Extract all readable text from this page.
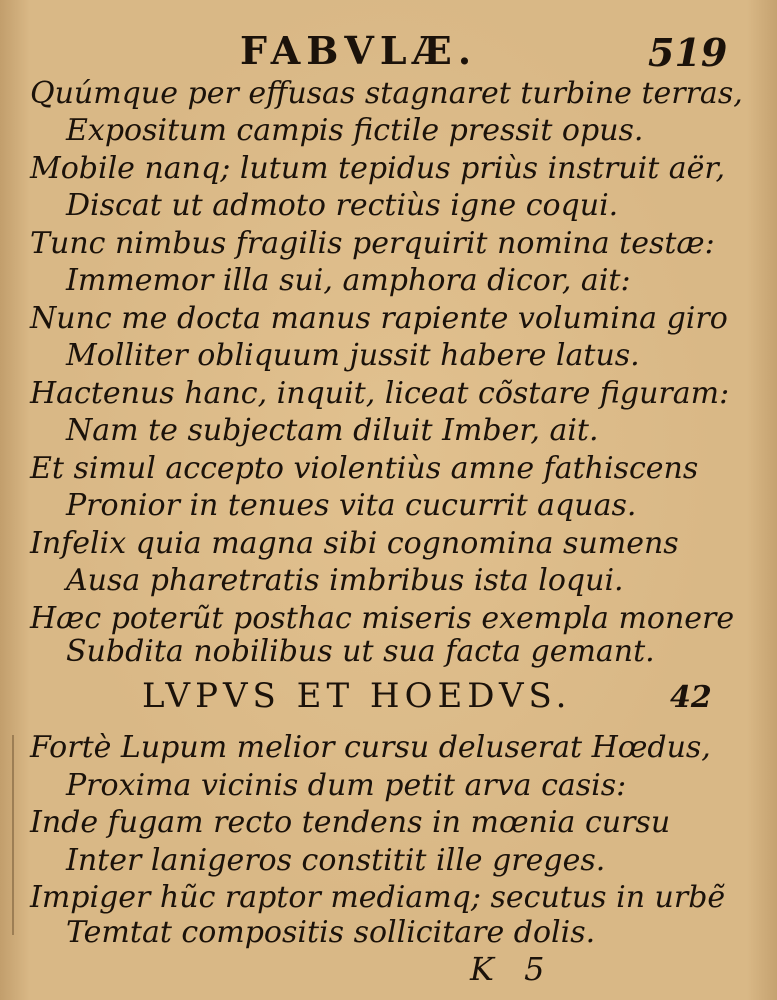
FABVLÆ.	519
Quúmque per effusas stagnaret turbine terras,
Expositum campis fictile pressit opus.
Mobile nanq; lutum tepidus priùs instruit aër,
Discat ut admoto rectiùs igne coqui.
Tunc nimbus fragilis perquirit nomina testæ:
Immemor illa sui, amphora dicor, ait:
Nunc me docta manus rapiente volumina giro
Molliter obliquum jussit habere latus.
Hactenus hanc, inquit, liceat cõstare figuram:
Nam te subjectam diluit Imber, ait.
Et simul accepto violentiùs amne fathiscens
Pronior in tenues vita cucurrit aquas.
Infelix quia magna sibi cognomina sumens
Ausa pharetratis imbribus ista loqui.
Hæc poterũt posthac miseris exempla monere
Subdita nobilibus ut sua facta gemant.
LVPVS ET HOEDVS.	42
Fortè Lupum melior cursu deluserat Hœdus,
Proxima vicinis dum petit arva casis:
Inde fugam recto tendens in mœnia cursu
Inter lanigeros constitit ille greges.
Impiger hũc raptor mediamq; secutus in urbẽ
Temtat compositis sollicitare dolis.
K 5
